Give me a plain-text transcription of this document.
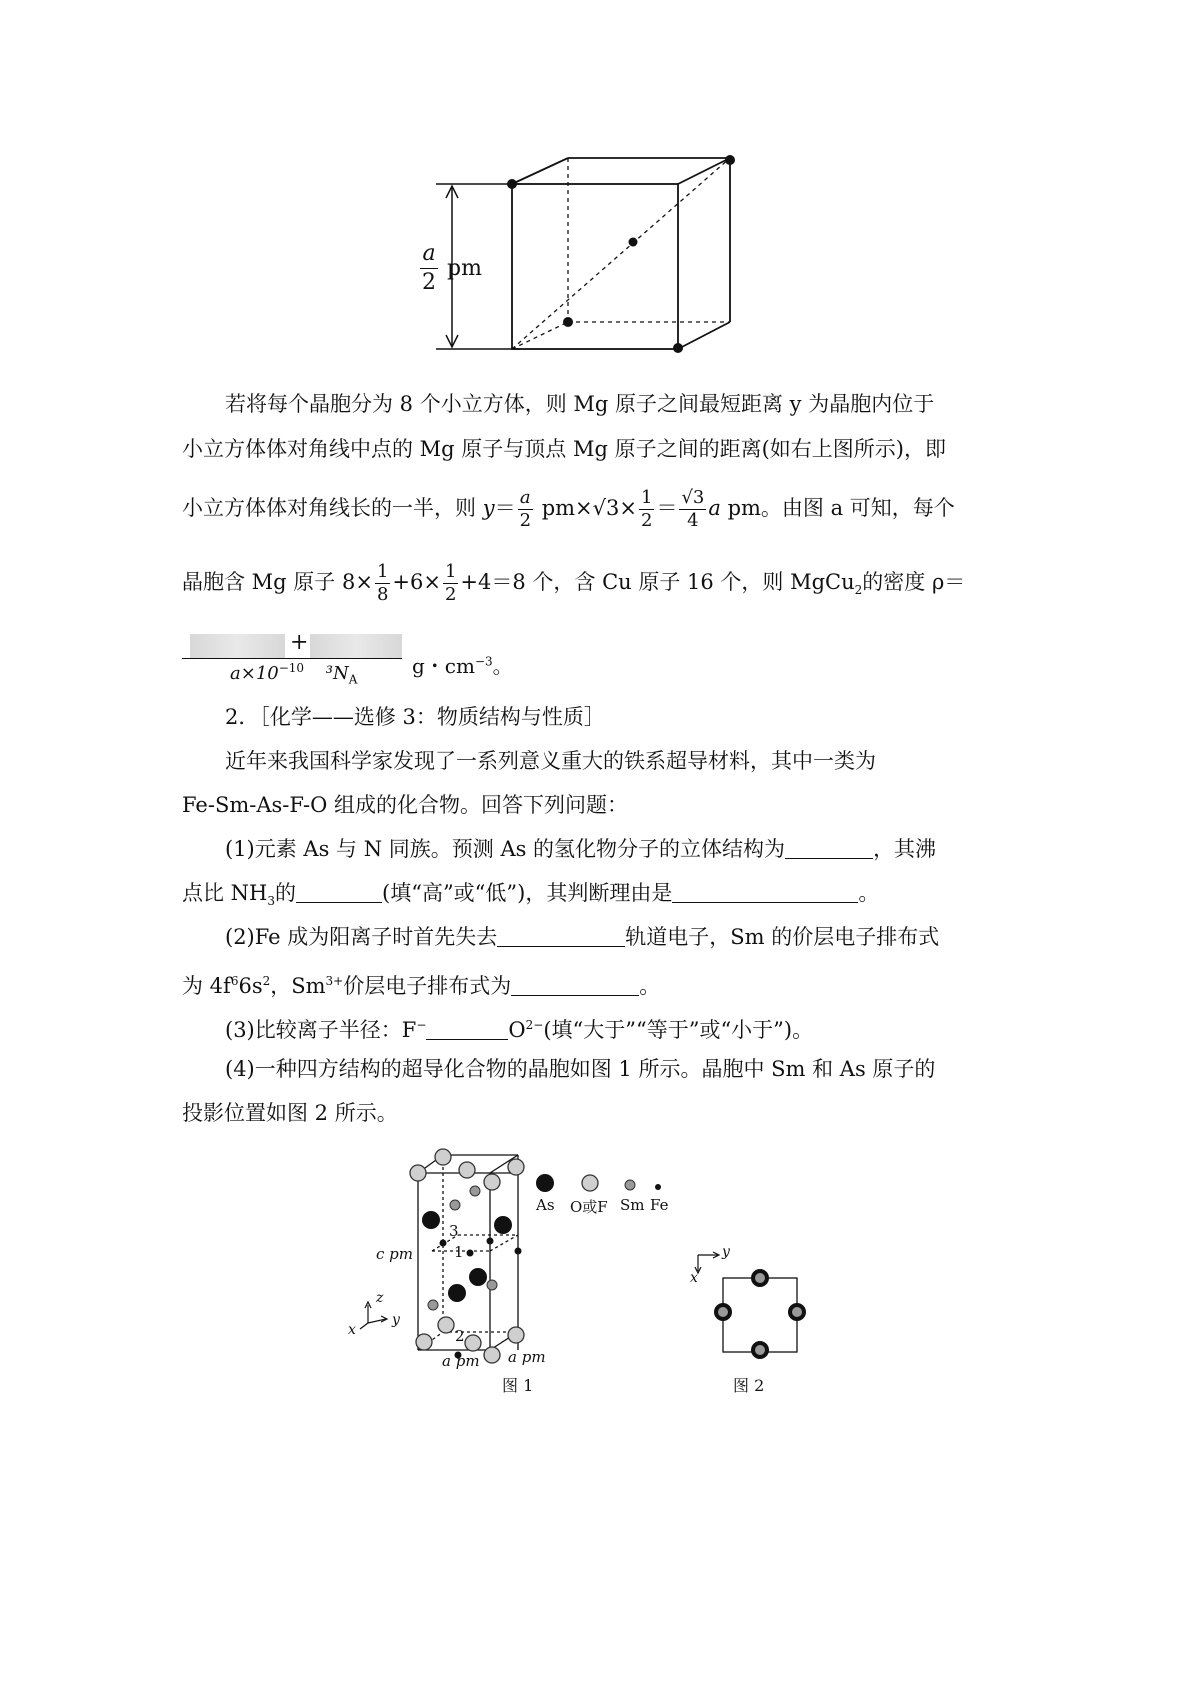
$\frac{a}{2}$ pm
若将每个晶胞分为 8 个小立方体，则 Mg 原子之间最短距离 y 为晶胞内位于
小立方体体对角线中点的 Mg 原子与顶点 Mg 原子之间的距离(如右上图所示)，即
小立方体体对角线长的一半，则 $y= \frac{a}{2} pm\times√3\times \frac{1}{2} = \frac{√3}{4}$ a pm。由图 a 可知，每个
晶胞含 Mg 原子 $8\times \frac{1}{8} +6\times \frac{1}{2} +4=8$ 个，含 Cu 原子 16 个，则 MgCu$_2$的密度 ρ＝
+
$a\times 10^{-10}$ $^3N_A$
g・$cm^{-3}$。
2．［化学——选修 3：物质结构与性质］
近年来我国科学家发现了一系列意义重大的铁系超导材料，其中一类为
Fe-Sm-As-F-O 组成的化合物。回答下列问题：
(1)元素 As 与 N 同族。预测 As 的氢化物分子的立体结构为	，其沸
点比 $NH_3$的	(填“高”或“低”)，其判断理由是	。
(2)Fe 成为阳离子时首先失去	轨道电子，Sm 的价层电子排布式
为 $4f^66s^2$，$Sm^{3+}$价层电子排布式为	。
(3)比较离子半径：F−	$O^{2-}$(填“大于”“等于”或“小于”)。
(4)一种四方结构的超导化合物的晶胞如图 1 所示。晶胞中 Sm 和 As 原子的
投影位置如图 2 所示。
As O或F Sm Fe
c pm
a pm a pm
1
2
3
x
y
z
图 1
y
x
图 2
